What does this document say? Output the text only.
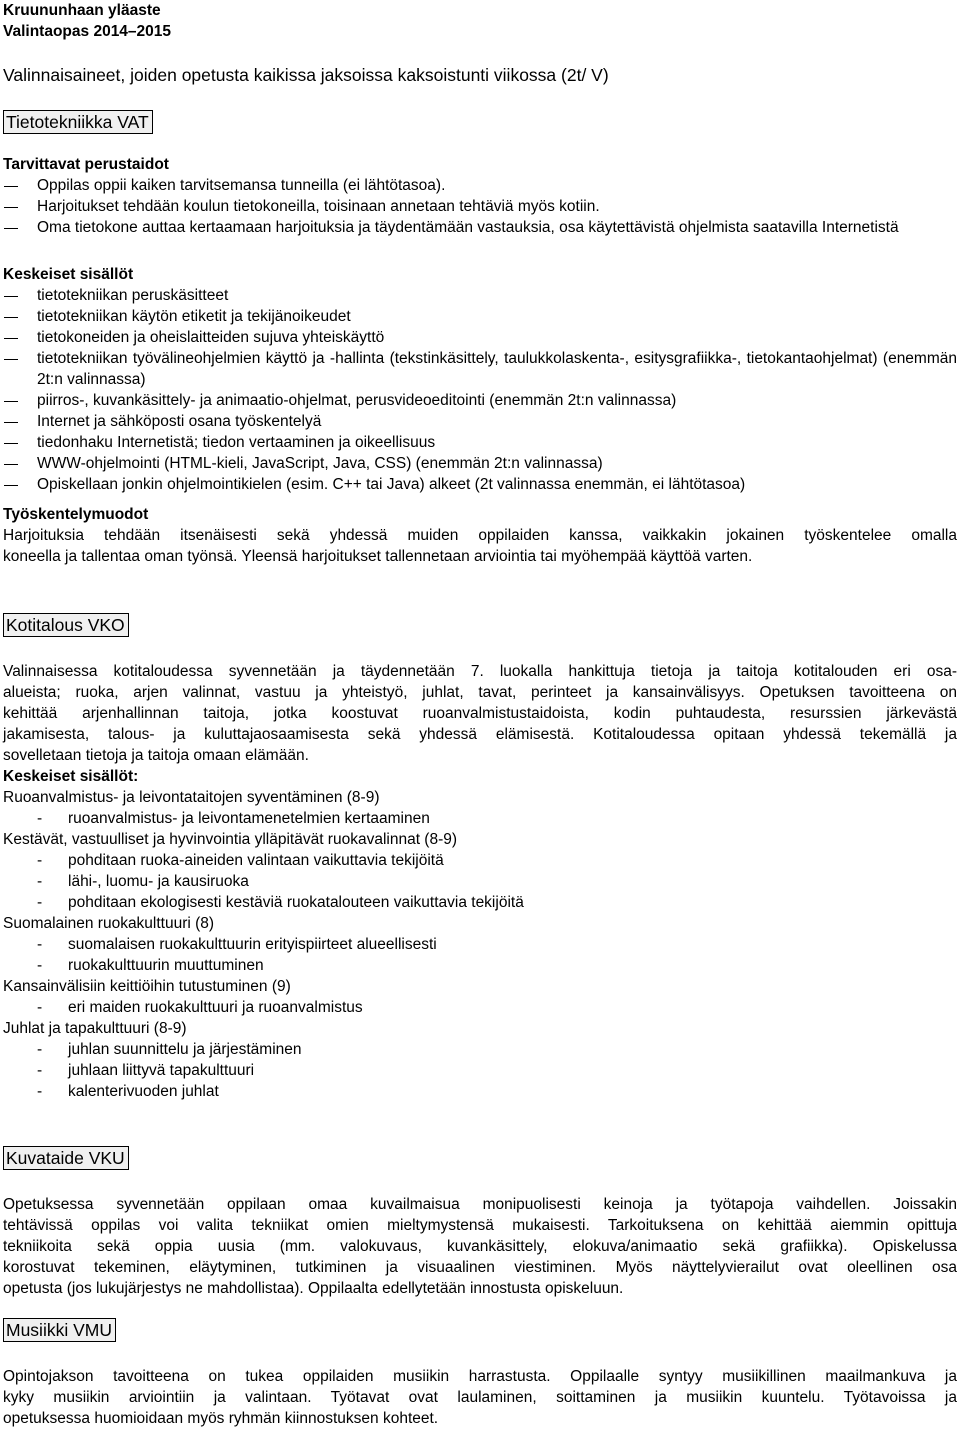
Kruununhaan yläaste
Valintaopas 2014–2015
Valinnaisaineet, joiden opetusta kaikissa jaksoissa kaksoistunti viikossa (2t/ V)
Tietotekniikka VAT
Tarvittavat perustaidot
Oppilas oppii kaiken tarvitsemansa tunneilla (ei lähtötasoa).
Harjoitukset tehdään koulun tietokoneilla, toisinaan annetaan tehtäviä myös kotiin.
Oma tietokone auttaa kertaamaan harjoituksia ja täydentämään vastauksia, osa käytettävistä ohjelmista saatavilla Internetistä
Keskeiset sisällöt
tietotekniikan peruskäsitteet
tietotekniikan käytön etiketit ja tekijänoikeudet
tietokoneiden ja oheislaitteiden sujuva yhteiskäyttö
tietotekniikan työvälineohjelmien käyttö ja -hallinta (tekstinkäsittely, taulukkolaskenta-, esitysgrafiikka-, tietokantaohjelmat) (enemmän 2t:n valinnassa)
piirros-, kuvankäsittely- ja animaatio-ohjelmat, perusvideoeditointi (enemmän 2t:n valinnassa)
Internet ja sähköposti osana työskentelyä
tiedonhaku Internetistä; tiedon vertaaminen ja oikeellisuus
WWW-ohjelmointi (HTML-kieli, JavaScript, Java, CSS) (enemmän 2t:n valinnassa)
Opiskellaan jonkin ohjelmointikielen (esim. C++ tai Java) alkeet (2t valinnassa enemmän, ei lähtötasoa)
Työskentelymuodot
Harjoituksia tehdään itsenäisesti sekä yhdessä muiden oppilaiden kanssa, vaikkakin jokainen työskentelee omalla
koneella ja tallentaa oman työnsä. Yleensä harjoitukset tallennetaan arviointia tai myöhempää käyttöä varten.
Kotitalous VKO
Valinnaisessa kotitaloudessa syvennetään ja täydennetään 7. luokalla hankittuja tietoja ja taitoja kotitalouden eri osa-
alueista; ruoka, arjen valinnat, vastuu ja yhteistyö, juhlat, tavat, perinteet ja kansainvälisyys. Opetuksen tavoitteena on
kehittää arjenhallinnan taitoja, jotka koostuvat ruoanvalmistustaidoista, kodin puhtaudesta, resurssien järkevästä
jakamisesta, talous- ja kuluttajaosaamisesta sekä yhdessä elämisestä. Kotitaloudessa opitaan yhdessä tekemällä ja
sovelletaan tietoja ja taitoja omaan elämään.
Keskeiset sisällöt:
Ruoanvalmistus- ja leivontataitojen syventäminen (8-9)
- ruoanvalmistus- ja leivontamenetelmien kertaaminen
Kestävät, vastuulliset ja hyvinvointia ylläpitävät ruokavalinnat (8-9)
- pohditaan ruoka-aineiden valintaan vaikuttavia tekijöitä
- lähi-, luomu- ja kausiruoka
- pohditaan ekologisesti kestäviä ruokatalouteen vaikuttavia tekijöitä
Suomalainen ruokakulttuuri (8)
- suomalaisen ruokakulttuurin erityispiirteet alueellisesti
- ruokakulttuurin muuttuminen
Kansainvälisiin keittiöihin tutustuminen (9)
- eri maiden ruokakulttuuri ja ruoanvalmistus
Juhlat ja tapakulttuuri (8-9)
- juhlan suunnittelu ja järjestäminen
- juhlaan liittyvä tapakulttuuri
- kalenterivuoden juhlat
Kuvataide VKU
Opetuksessa syvennetään oppilaan omaa kuvailmaisua monipuolisesti keinoja ja työtapoja vaihdellen. Joissakin
tehtävissä oppilas voi valita tekniikat omien mieltymystensä mukaisesti. Tarkoituksena on kehittää aiemmin opittuja
tekniikoita sekä oppia uusia (mm. valokuvaus, kuvankäsittely, elokuva/animaatio sekä grafiikka). Opiskelussa
korostuvat tekeminen, eläytyminen, tutkiminen ja visuaalinen viestiminen. Myös näyttelyvierailut ovat oleellinen osa
opetusta (jos lukujärjestys ne mahdollistaa). Oppilaalta edellytetään innostusta opiskeluun.
Musiikki VMU
Opintojakson tavoitteena on tukea oppilaiden musiikin harrastusta. Oppilaalle syntyy musiikillinen maailmankuva ja
kyky musiikin arviointiin ja valintaan. Työtavat ovat laulaminen, soittaminen ja musiikin kuuntelu. Työtavoissa ja
opetuksessa huomioidaan myös ryhmän kiinnostuksen kohteet.
